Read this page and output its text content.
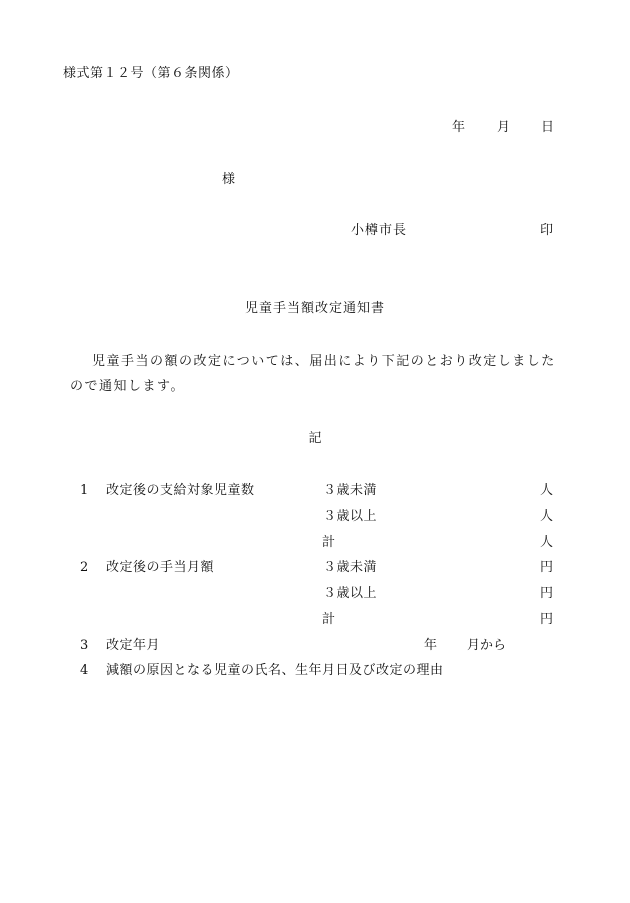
様式第１２号（第６条関係）
年 月 日
様
小樽市長	印
児童手当額改定通知書
児童手当の額の改定については、届出により下記のとおり改定しましたので通知します。
記
1 改定後の支給対象児童数	３歳未満	人
３歳以上	人
計	人
2 改定後の手当月額	３歳未満	円
３歳以上	円
計	円
3 改定年月	年 月から
4 減額の原因となる児童の氏名、生年月日及び改定の理由
